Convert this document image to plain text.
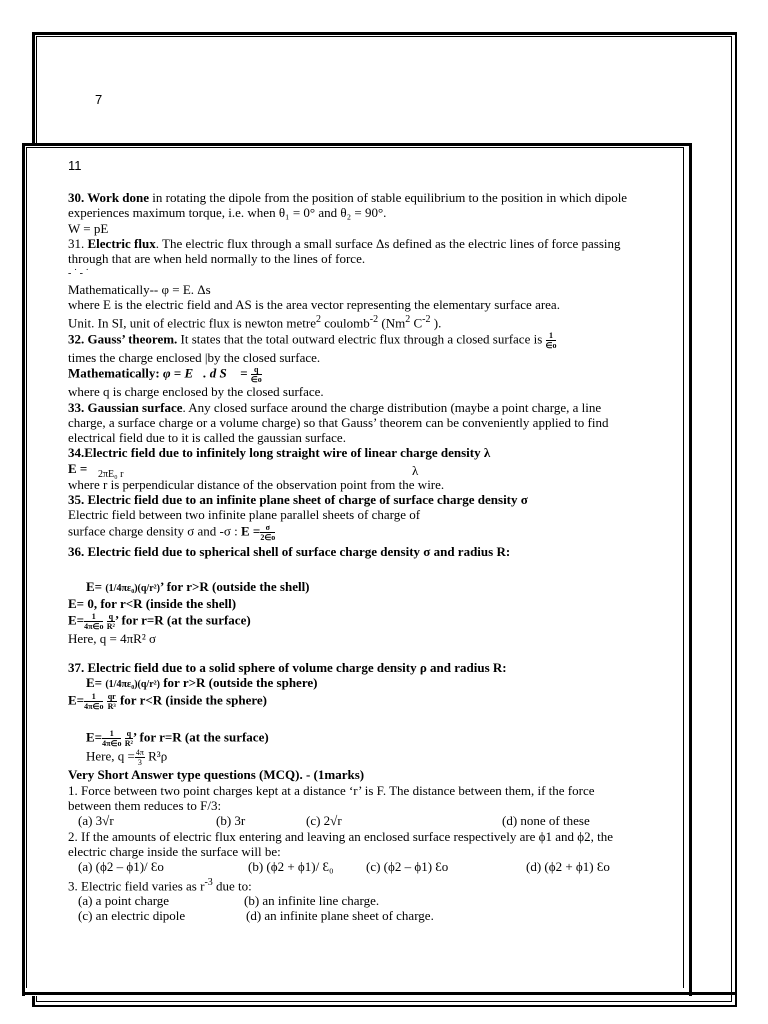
7
11

30. Work done in rotating the dipole from the position of stable equilibrium to the position in which dipole experiences maximum torque, i.e. when θ₁ = 0° and θ₂ = 90°.

W = pE

31. Electric flux. The electric flux through a small surface Δs defined as the electric lines of force passing through that are when held normally to the lines of force.

- ˙ - ˙

Mathematically-- φ = E. Δs

where E is the electric field and AS is the area vector representing the elementary surface area.

Unit. In SI, unit of electric flux is newton metre$^2$ coulomb$^{-2}$ (Nm$^2$ $C^{-2}$ ).

32. Gauss’ theorem. It states that the total outward electric flux through a closed surface is $\frac{1}{\in o}$

times the charge enclosed |by the closed surface.

Mathematically: φ = E⃗. d S⃗ = $\frac{q}{\in o}$

where q is charge enclosed by the closed surface.

33. Gaussian surface. Any closed surface around the charge distribution (maybe a point charge, a line charge, a surface charge or a volume charge) so that Gauss’ theorem can be conveniently applied to find

electrical field due to it is called the gaussian surface.

34.Electric field due to infinitely long straight wire of linear charge density λ

E = 2πE₀ r	λ

where r is perpendicular distance of the observation point from the wire.

35. Electric field due to an infinite plane sheet of charge of surface charge density σ

Electric field between two infinite plane parallel sheets of charge of

surface charge density σ and -σ : $E = \frac{\sigma}{2\in o}$

36. Electric field due to spherical shell of surface charge density σ and radius R:

E= (1/4πε₀)(q/r²)’ for r>R (outside the shell)

E= 0, for r<R (inside the shell)

$E= \frac{1}{4\pi\in o}$
$\frac{q}{\text{R²}}$ ’ for r=R (at the surface)

Here, q = 4πR² σ

37. Electric field due to a solid sphere of volume charge density ρ and radius R:

E= (1/4πε₀)(q/r²) for r>R (outside the sphere)

$E= \frac{1}{4\pi\in o}$
$\frac{qr}{\text{R³}}$ for r<R (inside the sphere)

$E= \frac{1}{4\pi\in o}$
$\frac{q}{\text{R²}}$ ’ for r=R (at the surface)

Here, $q = \frac{4\pi}{3} R^3\rho$

Very Short Answer type questions (MCQ). - (1marks)

1. Force between two point charges kept at a distance ‘r’ is F. The distance between them, if the force between them reduces to F/3:

(a) 3√r	(b) 3r	(c) 2√r	(d) none of these

2. If the amounts of electric flux entering and leaving an enclosed surface respectively are ϕ1 and ϕ2, the electric charge inside the surface will be:

(a) (ϕ2 – ϕ1)/ Ɛo	(b) (ϕ2 + ϕ1)/ Ɛ₀	(c) (ϕ2 – ϕ1) Ɛo	(d) (ϕ2 + ϕ1) Ɛo

3. Electric field varies as $r^{-3}$ due to:

(a) a point charge	(b) an infinite line charge.
(c) an electric dipole	(d) an infinite plane sheet of charge.
